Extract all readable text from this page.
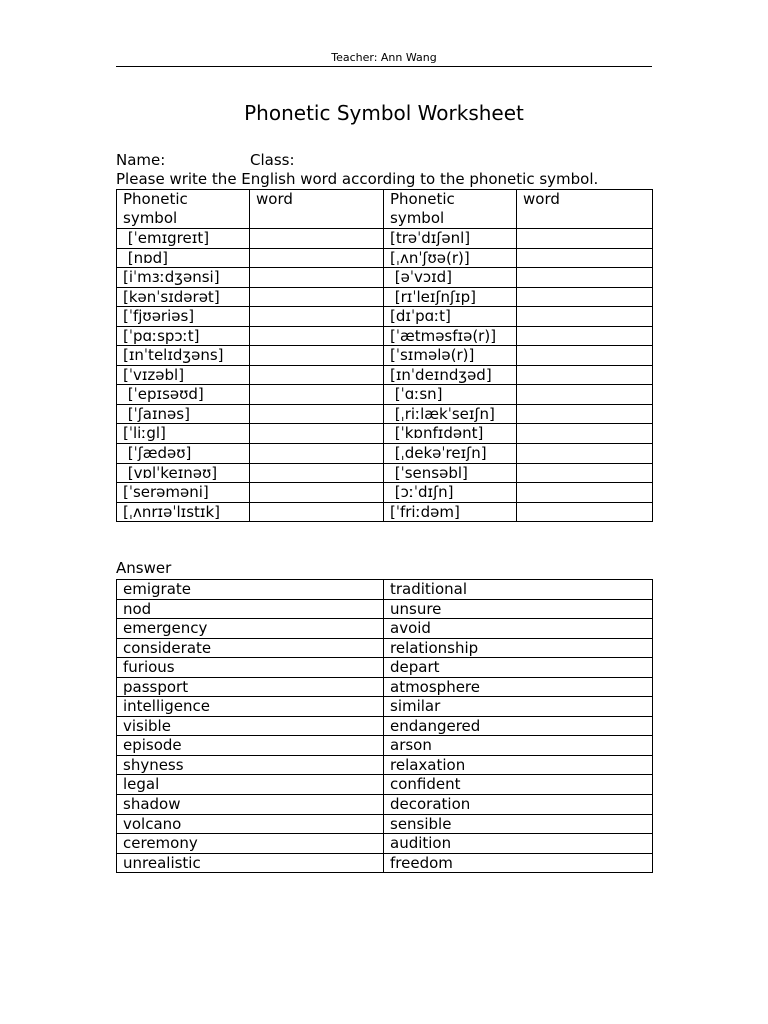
Teacher: Ann Wang
Phonetic Symbol Worksheet
Name:	Class:
Please write the English word according to the phonetic symbol.
Phonetic symbol	word	Phonetic symbol	word
[ˈemɪgreɪt]		[trəˈdɪʃənl]	
[nɒd]		[ˌʌnˈʃʊə(r)]	
[iˈmɜːdʒənsi]		[əˈvɔɪd]	
[kənˈsɪdərət]		[rɪˈleɪʃnʃɪp]	
[ˈfjʊəriəs]		[dɪˈpɑːt]	
[ˈpɑːspɔːt]		[ˈætməsfɪə(r)]	
[ɪnˈtelɪdʒəns]		[ˈsɪmələ(r)]	
[ˈvɪzəbl]		[ɪnˈdeɪndʒəd]	
[ˈepɪsəʊd]		[ˈɑːsn]	
[ˈʃaɪnəs]		[ˌriːlækˈseɪʃn]	
[ˈliːgl]		[ˈkɒnfɪdənt]	
[ˈʃædəʊ]		[ˌdekəˈreɪʃn]	
[vɒlˈkeɪnəʊ]		[ˈsensəbl]	
[ˈserəməni]		[ɔːˈdɪʃn]	
[ˌʌnrɪəˈlɪstɪk]		[ˈfriːdəm]	
Answer
emigrate	traditional
nod	unsure
emergency	avoid
considerate	relationship
furious	depart
passport	atmosphere
intelligence	similar
visible	endangered
episode	arson
shyness	relaxation
legal	confident
shadow	decoration
volcano	sensible
ceremony	audition
unrealistic	freedom
